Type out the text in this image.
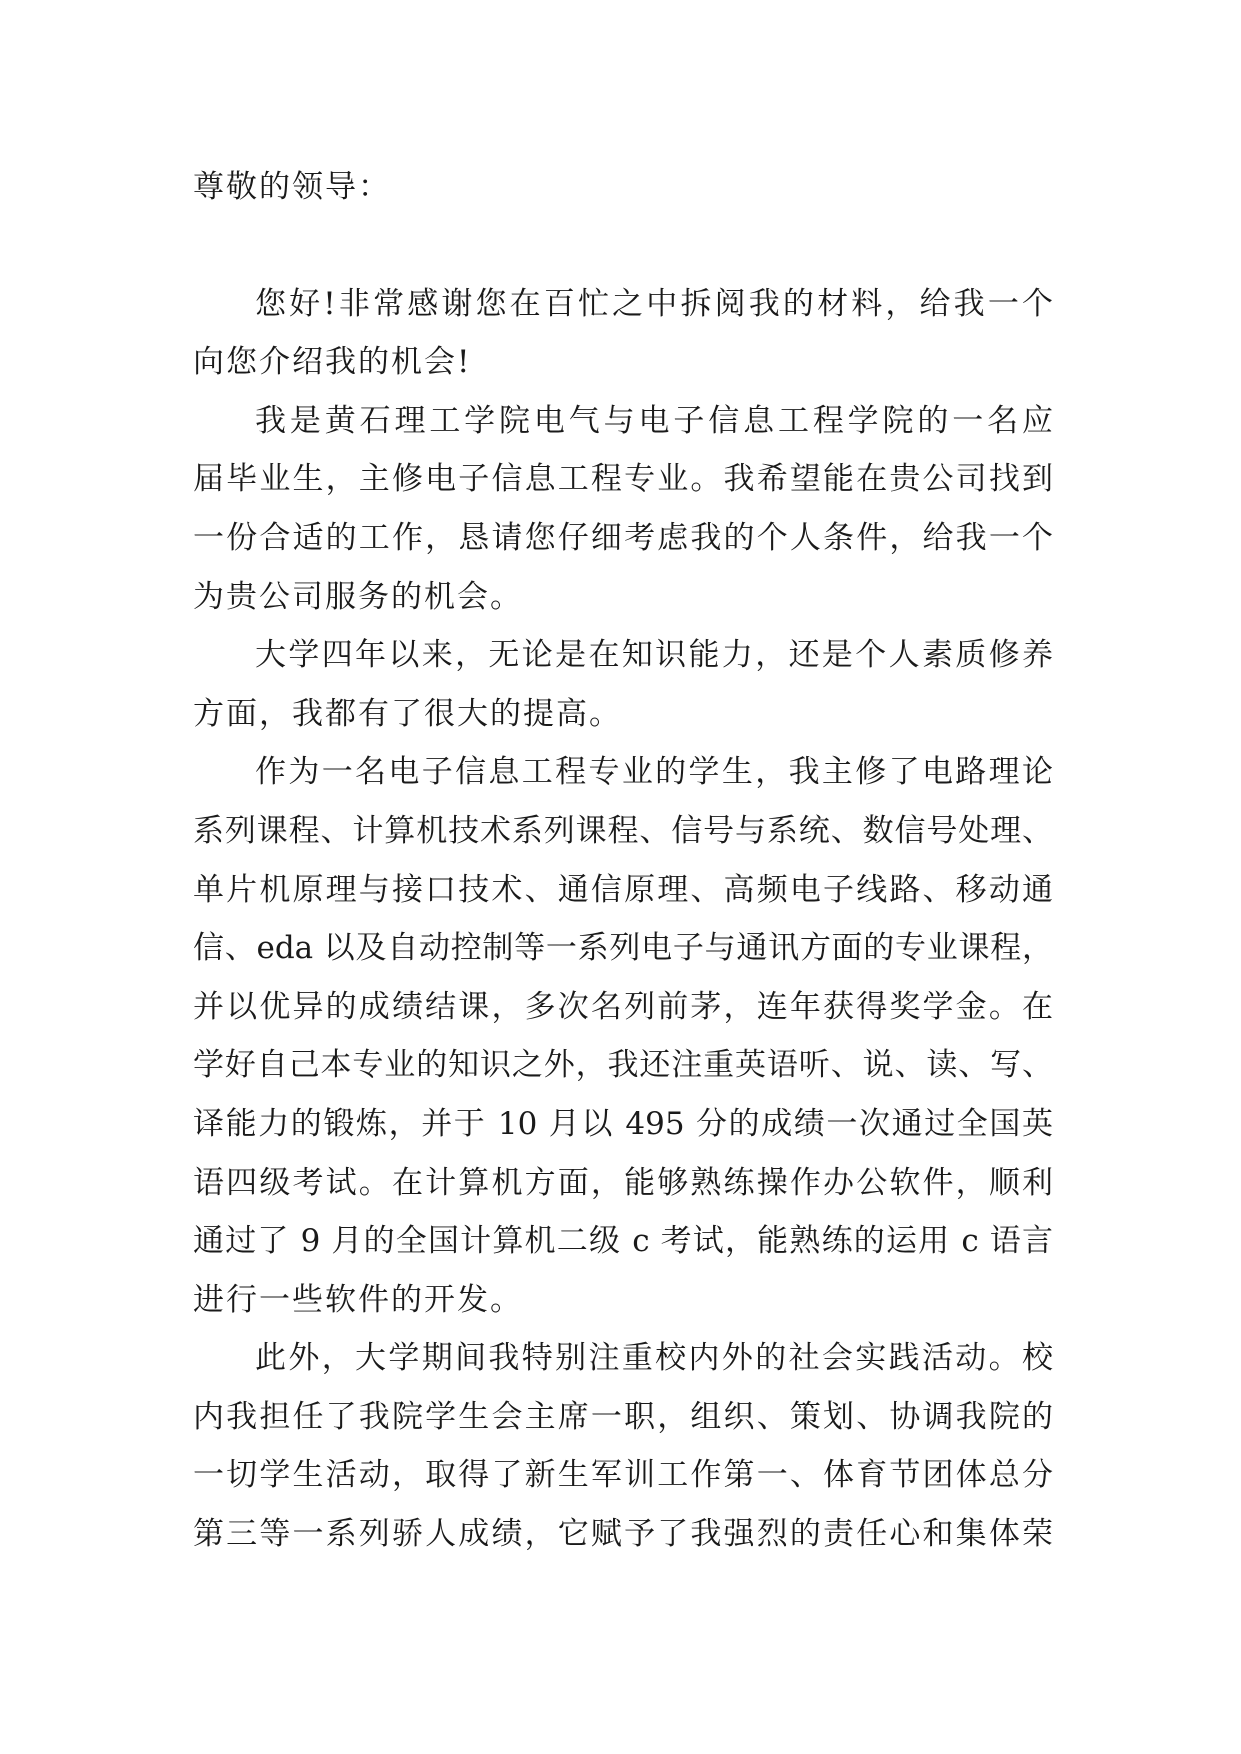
尊敬的领导：
您好!非常感谢您在百忙之中拆阅我的材料，给我一个
向您介绍我的机会!
我是黄石理工学院电气与电子信息工程学院的一名应
届毕业生，主修电子信息工程专业。我希望能在贵公司找到
一份合适的工作，恳请您仔细考虑我的个人条件，给我一个
为贵公司服务的机会。
大学四年以来，无论是在知识能力，还是个人素质修养
方面，我都有了很大的提高。
作为一名电子信息工程专业的学生，我主修了电路理论
系列课程、计算机技术系列课程、信号与系统、数信号处理、
单片机原理与接口技术、通信原理、高频电子线路、移动通
信、eda 以及自动控制等一系列电子与通讯方面的专业课程，
并以优异的成绩结课，多次名列前茅，连年获得奖学金。在
学好自己本专业的知识之外，我还注重英语听、说、读、写、
译能力的锻炼，并于 10 月以 495 分的成绩一次通过全国英
语四级考试。在计算机方面，能够熟练操作办公软件，顺利
通过了 9 月的全国计算机二级 c 考试，能熟练的运用 c 语言
进行一些软件的开发。
此外，大学期间我特别注重校内外的社会实践活动。校
内我担任了我院学生会主席一职，组织、策划、协调我院的
一切学生活动，取得了新生军训工作第一、体育节团体总分
第三等一系列骄人成绩，它赋予了我强烈的责任心和集体荣
